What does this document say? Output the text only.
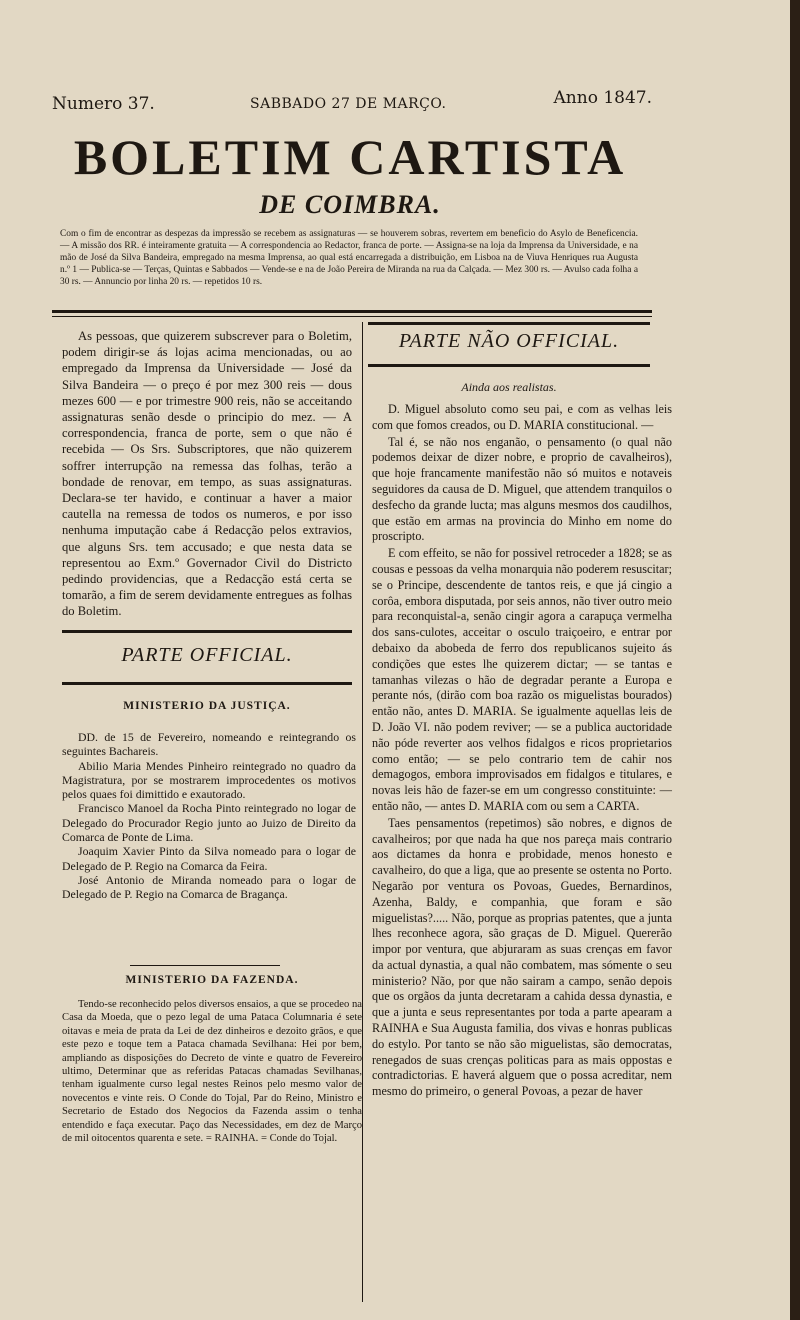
Numero 37.	SABBADO 27 DE MARÇO.	Anno 1847.
BOLETIM CARTISTA
DE COIMBRA.
Com o fim de encontrar as despezas da impressão se recebem as assignaturas — se houverem sobras, revertem em beneficio do Asylo de Beneficencia. — A missão dos RR. é inteiramente gratuita — A correspondencia ao Redactor, franca de porte. — Assigna-se na loja da Imprensa da Universidade, e na mão de José da Silva Bandeira, empregado na mesma Imprensa, ao qual está encarregada a distribuição, em Lisboa na de Viuva Henriques rua Augusta n.º 1 — Publica-se — Terças, Quintas e Sabbados — Vende-se e na de João Pereira de Miranda na rua da Calçada. — Mez 300 rs. — Avulso cada folha a 30 rs. — Annuncio por linha 20 rs. — repetidos 10 rs.
As pessoas, que quizerem subscrever para o Boletim, podem dirigir-se ás lojas acima mencionadas, ou ao empregado da Imprensa da Universidade — José da Silva Bandeira — o preço é por mez 300 reis — dous mezes 600 — e por trimestre 900 reis, não se acceitando assignaturas senão desde o principio do mez. — A correspondencia, franca de porte, sem o que não é recebida — Os Srs. Subscriptores, que não quizerem soffrer interrupção na remessa das folhas, terão a bondade de renovar, em tempo, as suas assignaturas. Declara-se ter havido, e continuar a haver a maior cautella na remessa de todos os numeros, e por isso nenhuma imputação cabe á Redacção pelos extravios, que alguns Srs. tem accusado; e que nesta data se representou ao Exm.º Governador Civil do Districto pedindo providencias, que a Redacção está certa se tomarão, a fim de serem devidamente entregues as folhas do Boletim.
PARTE OFFICIAL.
MINISTERIO DA JUSTIÇA.

DD. de 15 de Fevereiro, nomeando e reintegrando os seguintes Bachareis.

Abilio Maria Mendes Pinheiro reintegrado no quadro da Magistratura, por se mostrarem improcedentes os motivos pelos quaes foi dimittido e exautorado.

Francisco Manoel da Rocha Pinto reintegrado no logar de Delegado do Procurador Regio junto ao Juizo de Direito da Comarca de Ponte de Lima.

Joaquim Xavier Pinto da Silva nomeado para o logar de Delegado de P. Regio na Comarca da Feira.

José Antonio de Miranda nomeado para o logar de Delegado de P. Regio na Comarca de Bragança.

MINISTERIO DA FAZENDA.
Tendo-se reconhecido pelos diversos ensaios, a que se procedeo na Casa da Moeda, que o pezo legal de uma Pataca Columnaria é sete oitavas e meia de prata da Lei de dez dinheiros e dezoito grãos, e que este pezo e toque tem a Pataca chamada Sevilhana: Hei por bem, ampliando as disposições do Decreto de vinte e quatro de Fevereiro ultimo, Determinar que as referidas Patacas chamadas Sevilhanas, tenham igualmente curso legal nestes Reinos pelo mesmo valor de novecentos e vinte reis. O Conde do Tojal, Par do Reino, Ministro e Secretario de Estado dos Negocios da Fazenda assim o tenha entendido e faça executar. Paço das Necessidades, em dez de Março de mil oitocentos quarenta e sete. = RAINHA. = Conde do Tojal.
PARTE NÃO OFFICIAL.
Ainda aos realistas.

D. Miguel absoluto como seu pai, e com as velhas leis com que fomos creados, ou D. MARIA constitucional. —

Tal é, se não nos enganão, o pensamento (o qual não podemos deixar de dizer nobre, e proprio de cavalheiros), que hoje francamente manifestão não só muitos e notaveis seguidores da causa de D. Miguel, que attendem tranquilos o desfecho da grande lucta; mas alguns mesmos dos caudilhos, que estão em armas na provincia do Minho em nome do proscripto.

E com effeito, se não for possivel retroceder a 1828; se as cousas e pessoas da velha monarquia não poderem resuscitar; se o Principe, descendente de tantos reis, e que já cingio a corôa, embora disputada, por seis annos, não tiver outro meio para reconquistal-a, senão cingir agora a carapuça vermelha dos sans-culotes, acceitar o osculo traiçoeiro, e entrar por debaixo da abobeda de ferro dos republicanos sujeito ás condições que estes lhe quizerem dictar; — se tantas e tamanhas vilezas o hão de degradar perante a Europa e perante nós, (dirão com boa razão os miguelistas bourados) então não, antes D. MARIA. Se igualmente aquellas leis de D. João VI. não podem reviver; — se a publica auctoridade não póde reverter aos velhos fidalgos e ricos proprietarios como então; — se pelo contrario tem de cahir nos demagogos, embora improvisados em fidalgos e titulares, e novas leis hão de fazer-se em um congresso constituinte: — então não, — antes D. MARIA com ou sem a CARTA.

Taes pensamentos (repetimos) são nobres, e dignos de cavalheiros; por que nada ha que nos pareça mais contrario aos dictames da honra e probidade, menos honesto e cavalheiro, do que a liga, que ao presente se ostenta no Porto. Negarão por ventura os Povoas, Guedes, Bernardinos, Azenha, Baldy, e companhia, que foram e são miguelistas?..... Não, porque as proprias patentes, que a junta lhes reconhece agora, são graças de D. Miguel. Quererão impor por ventura, que abjuraram as suas crenças em favor da actual dynastia, a qual não combatem, mas sómente o seu ministerio? Não, por que não sairam a campo, senão depois que os orgãos da junta decretaram a cahida dessa dynastia, e que a junta e seus representantes por toda a parte apearam a RAINHA e Sua Augusta familia, dos vivas e honras publicas do estylo. Por tanto se não são miguelistas, são democratas, renegados de suas crenças politicas para as mais oppostas e contradictorias. E haverá alguem que o possa acreditar, nem mesmo do primeiro, o general Povoas, a pezar de haver
